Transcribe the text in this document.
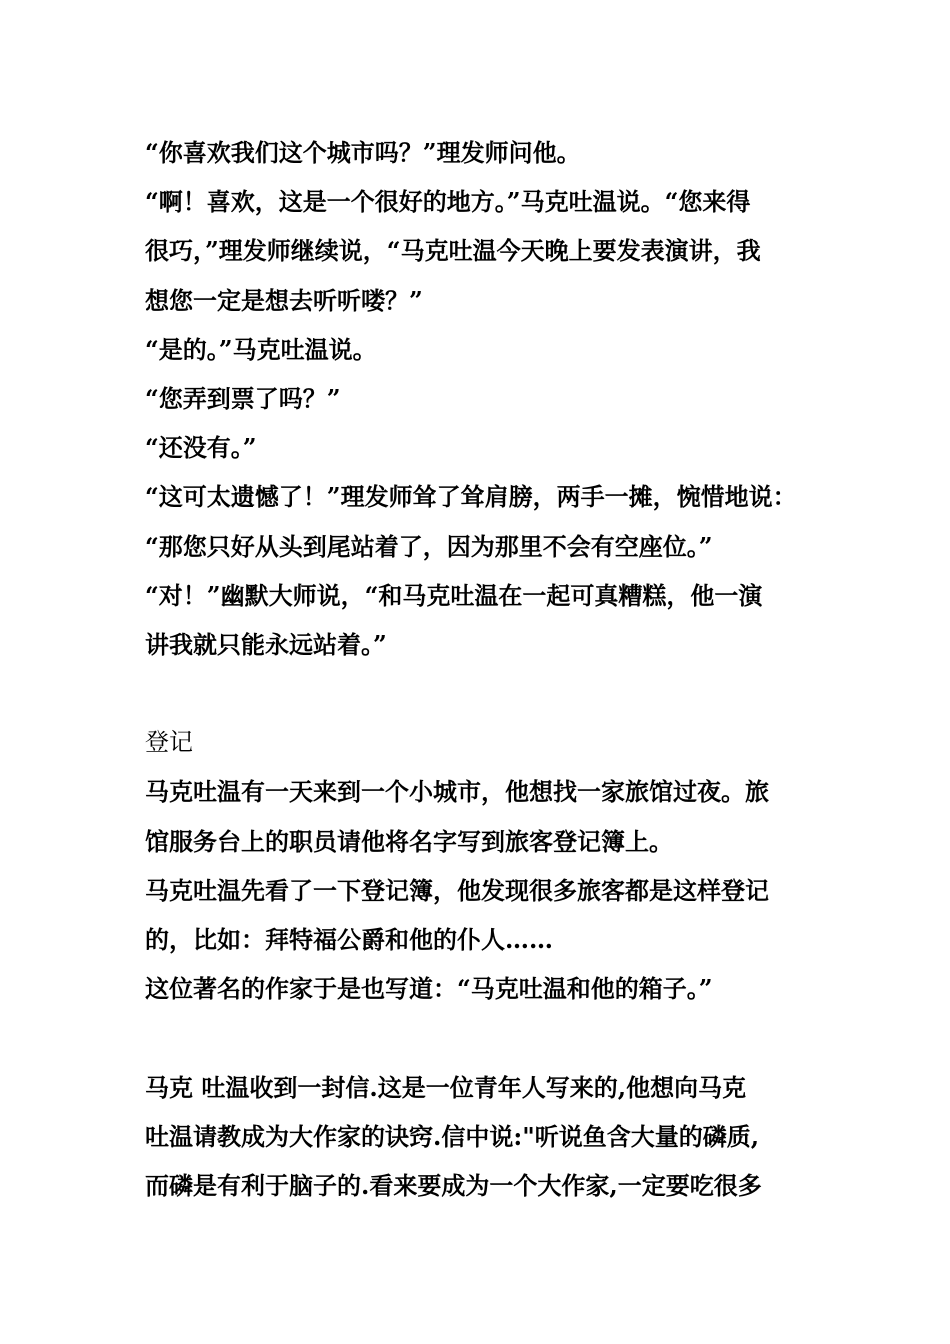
“你喜欢我们这个城市吗？”理发师问他。
“啊！喜欢，这是一个很好的地方。”马克吐温说。“您来得
很巧，”理发师继续说，“马克吐温今天晚上要发表演讲，我
想您一定是想去听听喽？”
“是的。”马克吐温说。
“您弄到票了吗？”
“还没有。”
“这可太遗憾了！”理发师耸了耸肩膀，两手一摊，惋惜地说：
“那您只好从头到尾站着了，因为那里不会有空座位。”
“对！”幽默大师说，“和马克吐温在一起可真糟糕，他一演
讲我就只能永远站着。”
登记
马克吐温有一天来到一个小城市，他想找一家旅馆过夜。旅
馆服务台上的职员请他将名字写到旅客登记簿上。
马克吐温先看了一下登记簿，他发现很多旅客都是这样登记
的，比如：拜特福公爵和他的仆人……
这位著名的作家于是也写道：“马克吐温和他的箱子。”
马克 吐温收到一封信.这是一位青年人写来的,他想向马克
吐温请教成为大作家的诀窍.信中说:"听说鱼含大量的磷质,
而磷是有利于脑子的.看来要成为一个大作家,一定要吃很多
